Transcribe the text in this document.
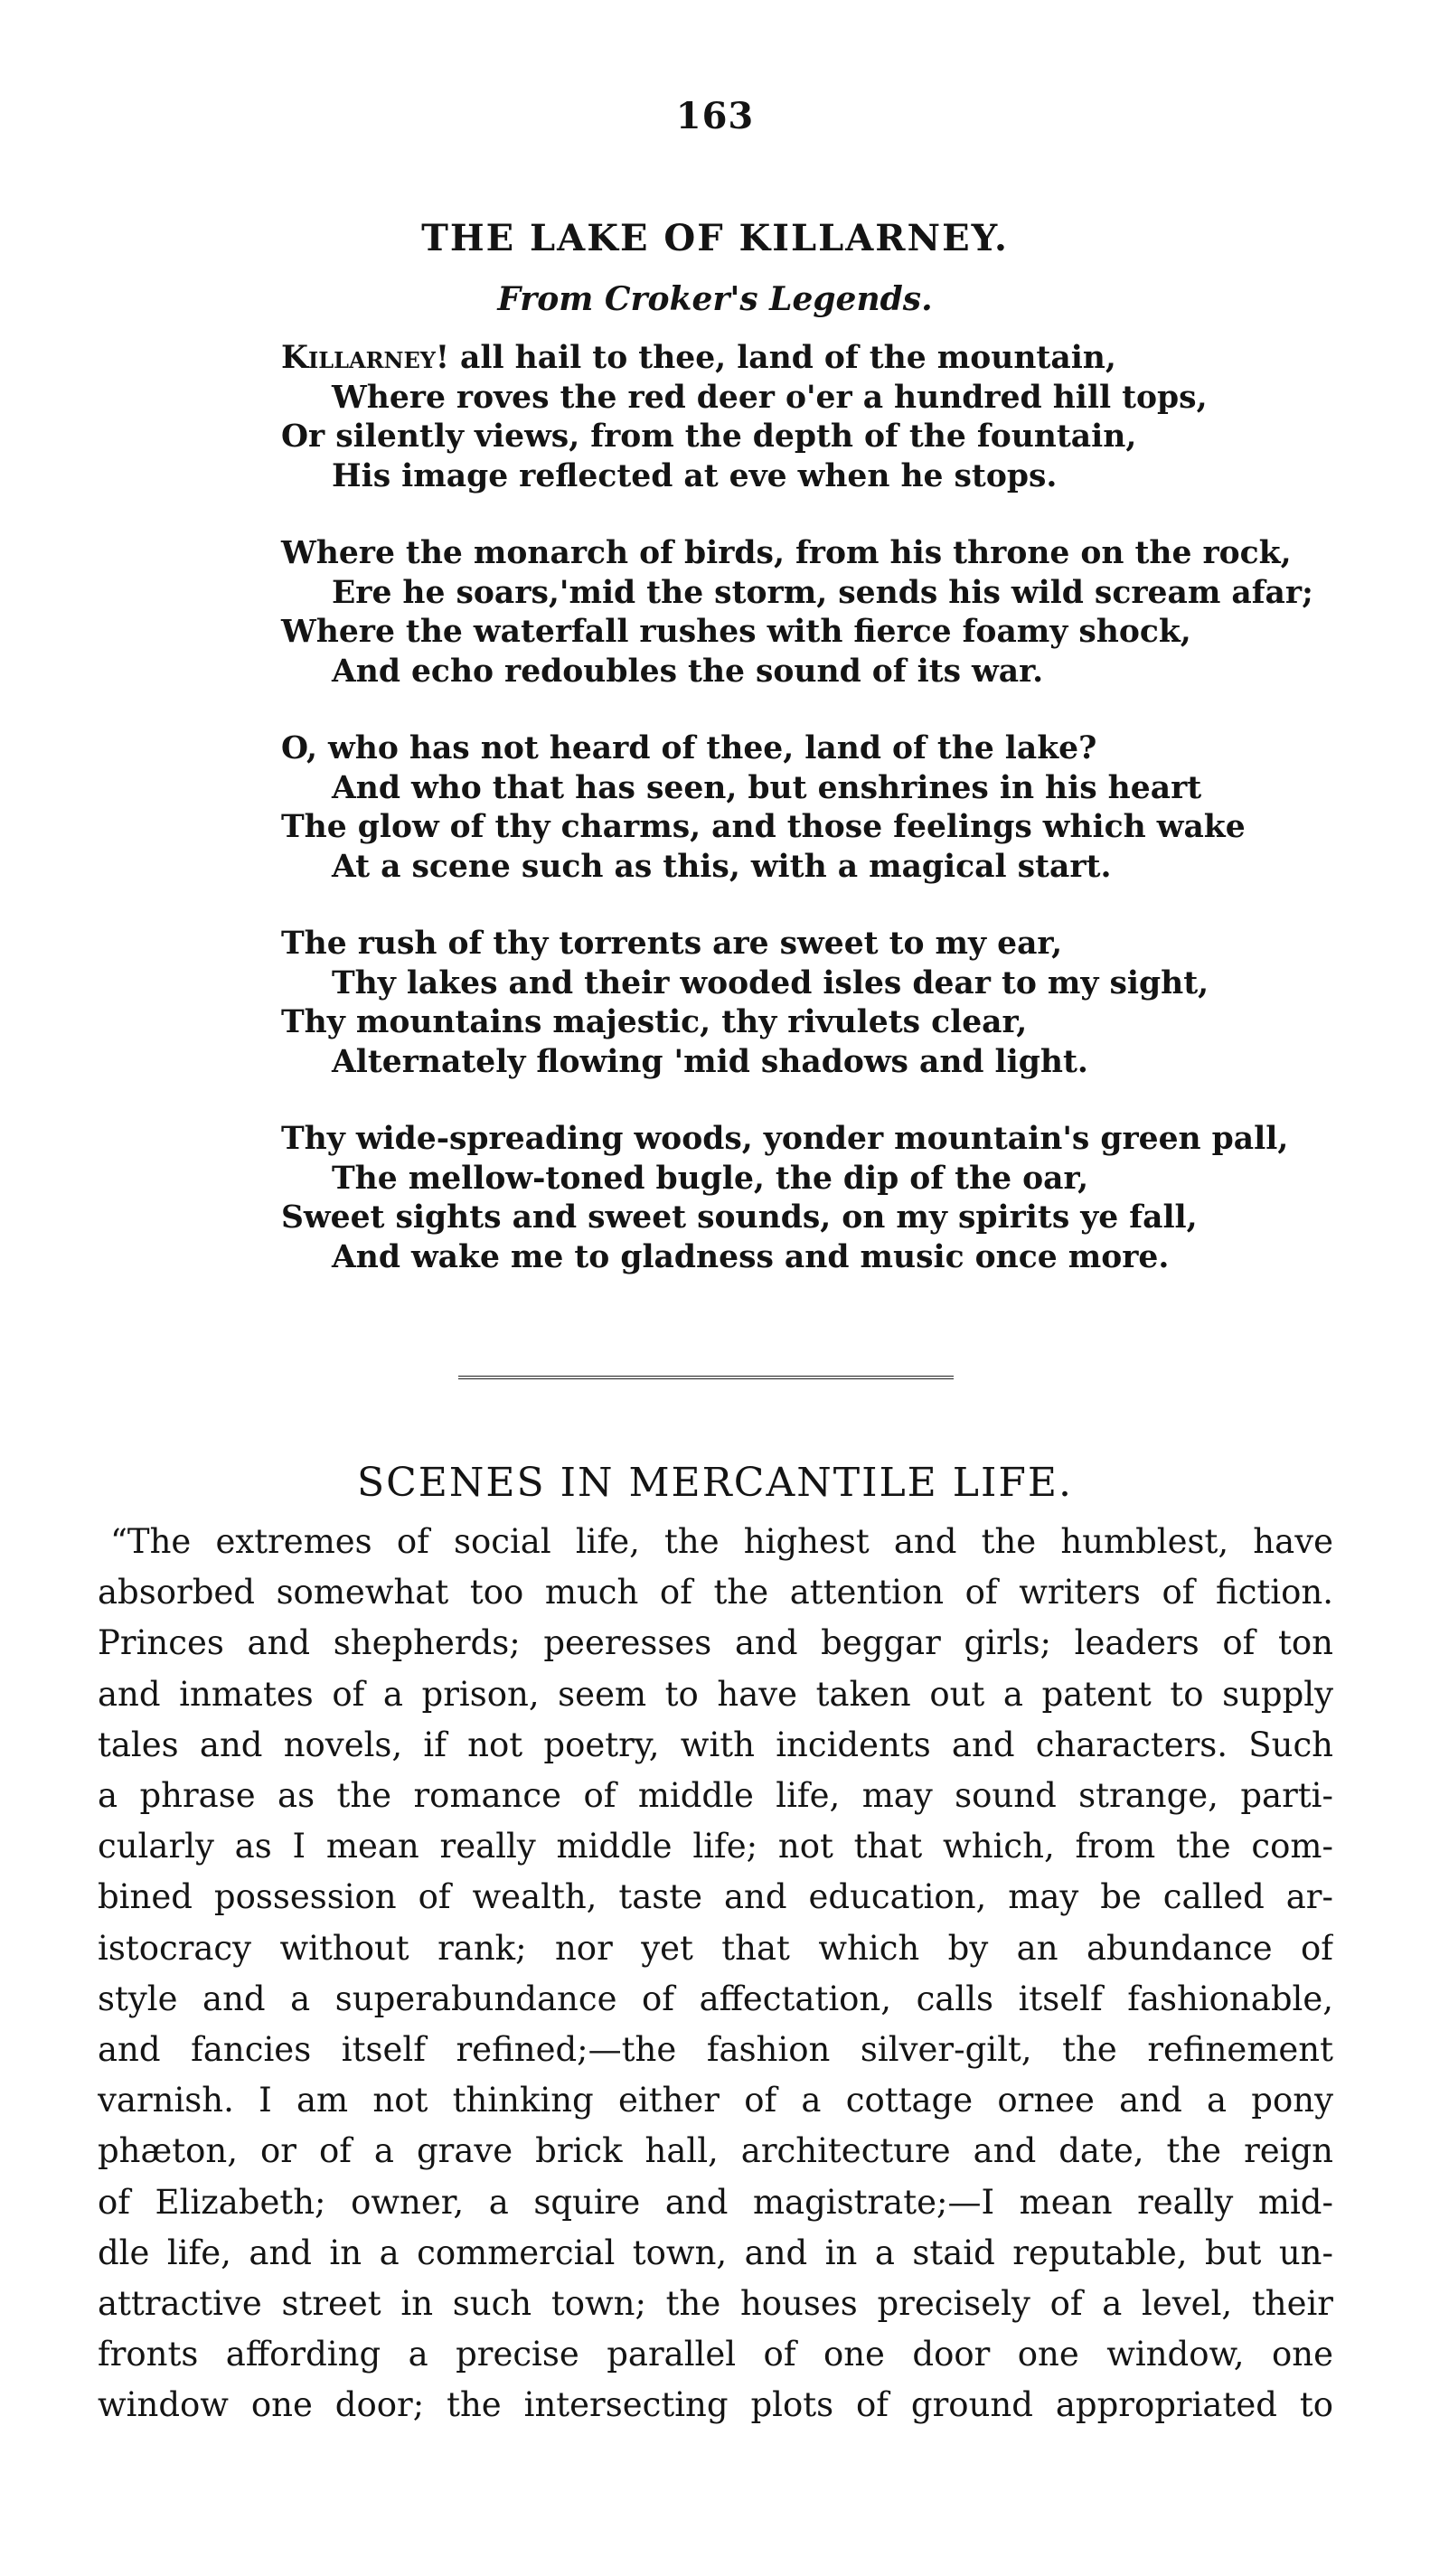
163
THE LAKE OF KILLARNEY.
From Croker's Legends.
Killarney! all hail to thee, land of the mountain,
Where roves the red deer o'er a hundred hill tops,
Or silently views, from the depth of the fountain,
His image reflected at eve when he stops.
Where the monarch of birds, from his throne on the rock,
Ere he soars,'mid the storm, sends his wild scream afar;
Where the waterfall rushes with fierce foamy shock,
And echo redoubles the sound of its war.
O, who has not heard of thee, land of the lake?
And who that has seen, but enshrines in his heart
The glow of thy charms, and those feelings which wake
At a scene such as this, with a magical start.
The rush of thy torrents are sweet to my ear,
Thy lakes and their wooded isles dear to my sight,
Thy mountains majestic, thy rivulets clear,
Alternately flowing 'mid shadows and light.
Thy wide-spreading woods, yonder mountain's green pall,
The mellow-toned bugle, the dip of the oar,
Sweet sights and sweet sounds, on my spirits ye fall,
And wake me to gladness and music once more.
SCENES IN MERCANTILE LIFE.
“The extremes of social life, the highest and the humblest, have
absorbed somewhat too much of the attention of writers of fiction.
Princes and shepherds; peeresses and beggar girls; leaders of ton
and inmates of a prison, seem to have taken out a patent to supply
tales and novels, if not poetry, with incidents and characters. Such
a phrase as the romance of middle life, may sound strange, parti-
cularly as I mean really middle life; not that which, from the com-
bined possession of wealth, taste and education, may be called ar-
istocracy without rank; nor yet that which by an abundance of
style and a superabundance of affectation, calls itself fashionable,
and fancies itself refined;—the fashion silver-gilt, the refinement
varnish. I am not thinking either of a cottage ornee and a pony
phæton, or of a grave brick hall, architecture and date, the reign
of Elizabeth; owner, a squire and magistrate;—I mean really mid-
dle life, and in a commercial town, and in a staid reputable, but un-
attractive street in such town; the houses precisely of a level, their
fronts affording a precise parallel of one door one window, one
window one door; the intersecting plots of ground appropriated to
